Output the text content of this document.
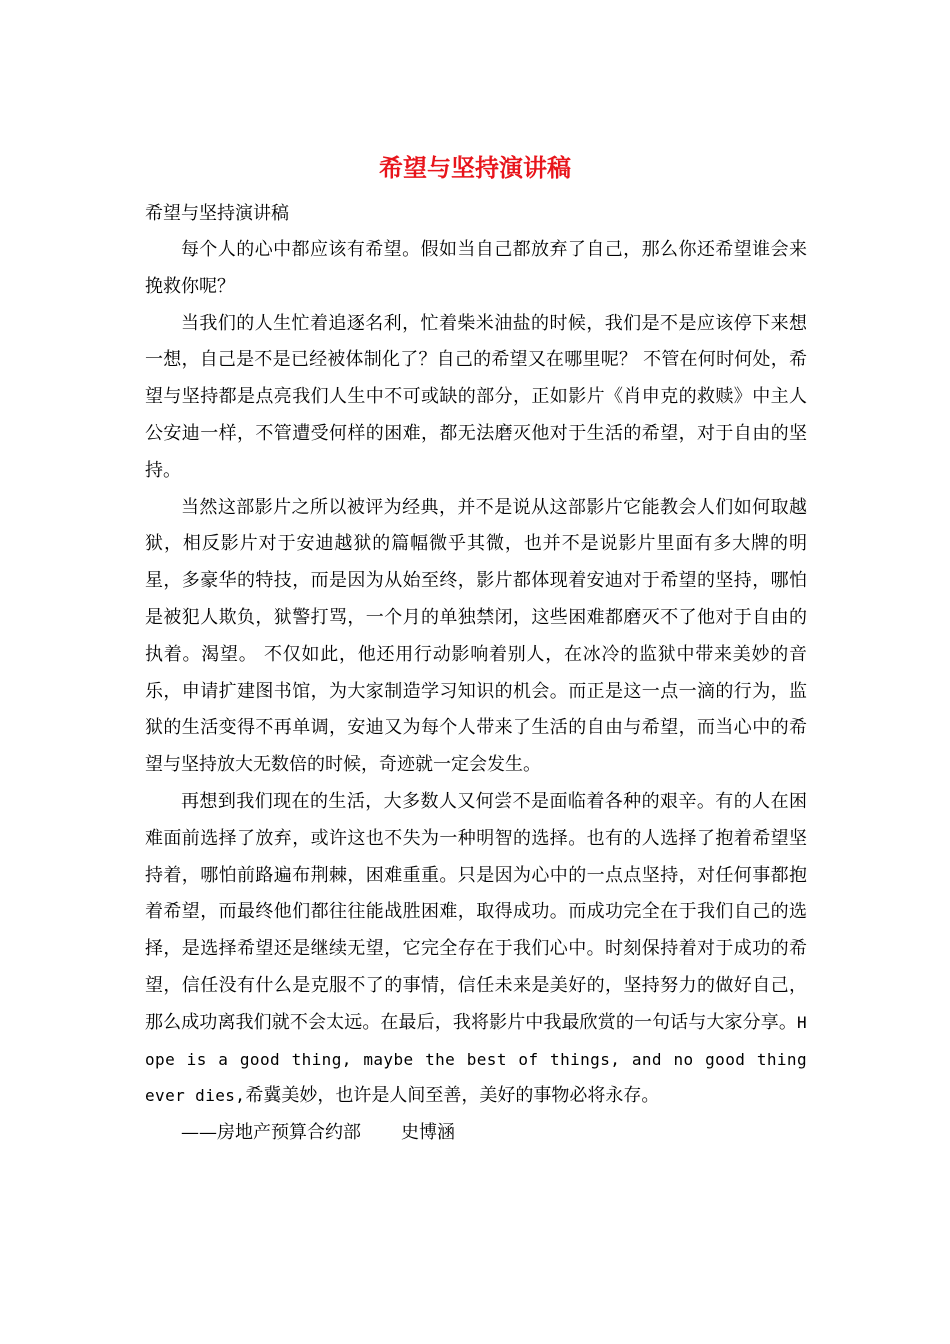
希望与坚持演讲稿

希望与坚持演讲稿

每个人的心中都应该有希望。假如当自己都放弃了自己，那么你还希望谁会来挽救你呢？

当我们的人生忙着追逐名利，忙着柴米油盐的时候，我们是不是应该停下来想一想，自己是不是已经被体制化了？自己的希望又在哪里呢？ 不管在何时何处，希望与坚持都是点亮我们人生中不可或缺的部分，正如影片《肖申克的救赎》中主人公安迪一样，不管遭受何样的困难，都无法磨灭他对于生活的希望，对于自由的坚持。

当然这部影片之所以被评为经典，并不是说从这部影片它能教会人们如何取越狱，相反影片对于安迪越狱的篇幅微乎其微，也并不是说影片里面有多大牌的明星，多豪华的特技，而是因为从始至终，影片都体现着安迪对于希望的坚持，哪怕是被犯人欺负，狱警打骂，一个月的单独禁闭，这些困难都磨灭不了他对于自由的执着。渴望。 不仅如此，他还用行动影响着别人，在冰冷的监狱中带来美妙的音乐，申请扩建图书馆，为大家制造学习知识的机会。而正是这一点一滴的行为，监狱的生活变得不再单调，安迪又为每个人带来了生活的自由与希望，而当心中的希望与坚持放大无数倍的时候，奇迹就一定会发生。

再想到我们现在的生活，大多数人又何尝不是面临着各种的艰辛。有的人在困难面前选择了放弃，或许这也不失为一种明智的选择。也有的人选择了抱着希望坚持着，哪怕前路遍布荆棘，困难重重。只是因为心中的一点点坚持，对任何事都抱着希望，而最终他们都往往能战胜困难，取得成功。而成功完全在于我们自己的选择，是选择希望还是继续无望，它完全存在于我们心中。时刻保持着对于成功的希望，信任没有什么是克服不了的事情，信任未来是美好的，坚持努力的做好自己，那么成功离我们就不会太远。在最后，我将影片中我最欣赏的一句话与大家分享。Hope is a good thing, maybe the best of things, and no good thing ever dies,希冀美妙，也许是人间至善，美好的事物必将永存。

——房地产预算合约部 史博涵
